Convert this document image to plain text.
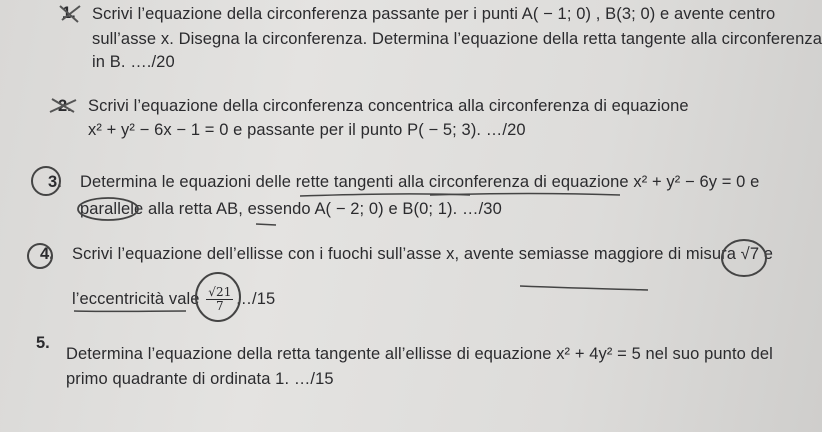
1. Scrivi l’equazione della circonferenza passante per i punti A( − 1; 0) , B(3; 0) e avente centro
sull’asse x. Disegna la circonferenza. Determina l’equazione della retta tangente alla circonferenza
in B. …./20
2. Scrivi l’equazione della circonferenza concentrica alla circonferenza di equazione
x² + y² − 6x − 1 = 0 e passante per il punto P( − 5; 3). …/20
3. Determina le equazioni delle rette tangenti alla circonferenza di equazione x² + y² − 6y = 0 e
parallele alla retta AB, essendo A( − 2; 0) e B(0; 1). …/30
4. Scrivi l’equazione dell’ellisse con i fuochi sull’asse x, avente semiasse maggiore di misura √7 e
l’eccentricità vale $\frac{√21}{7}$ …/15
5.
Determina l’equazione della retta tangente all’ellisse di equazione x² + 4y² = 5 nel suo punto del
primo quadrante di ordinata 1. …/15
